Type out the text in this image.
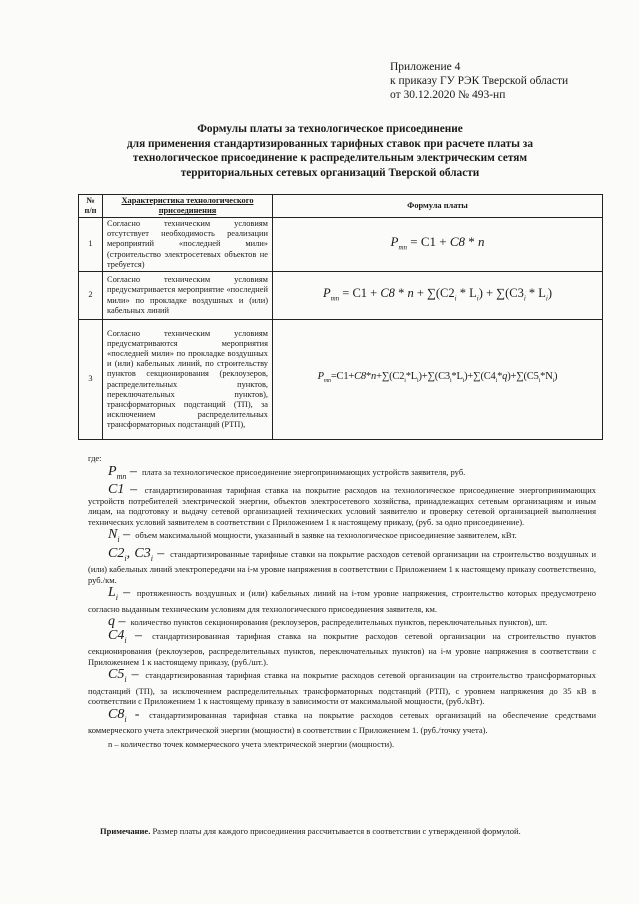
Приложение 4
к приказу ГУ РЭК Тверской области
от 30.12.2020 № 493-нп
Формулы платы за технологическое присоединение
для применения стандартизированных тарифных ставок при расчете платы за
технологическое присоединение к распределительным электрическим сетям
территориальных сетевых организаций Тверской области
№ п/п	Характеристика технологического присоединения	Формула платы
1	Согласно техническим условиям отсутствует необходимость реализации мероприятий «последней мили» (строительство электросетевых объектов не требуется)	$P_{тп} = C1 + C8 * n$
2	Согласно техническим условиям предусматривается мероприятие «последней мили» по прокладке воздушных и (или) кабельных линий	$P_{тп} = C1 + C8 * n + \sum(C2_i * L_i) + \sum(C3_i * L_i)$
3	Согласно техническим условиям предусматриваются мероприятия «последней мили» по прокладке воздушных и (или) кабельных линий, по строительству пунктов секционирования (реклоузеров, распределительных пунктов, переключательных пунктов), трансформаторных подстанций (ТП), за исключением распределительных трансформаторных подстанций (РТП),	$P_{тп}=C1+C8*n+\sum(C2_i*L_i)+\sum(C3_i*L_i)+\sum(C4_i*q)+\sum(C5_i*N_i)$
где:

$P_{тп}$ – плата за технологическое присоединение энергопринимающих устройств заявителя, руб.

C1 – стандартизированная тарифная ставка на покрытие расходов на технологическое присоединение энергопринимающих устройств потребителей электрической энергии, объектов электросетевого хозяйства, принадлежащих сетевым организациям и иным лицам, на подготовку и выдачу сетевой организацией технических условий заявителю и проверку сетевой организацией выполнения технических условий заявителем в соответствии с Приложением 1 к настоящему приказу, (руб. за одно присоединение).

$N_i$ – объем максимальной мощности, указанный в заявке на технологическое присоединение заявителем, кВт.

$C2_i$, $C3_i$ – стандартизированные тарифные ставки на покрытие расходов сетевой организации на строительство воздушных и (или) кабельных линий электропередачи на i-м уровне напряжения в соответствии с Приложением 1 к настоящему приказу соответственно, руб./км.

$L_i$ – протяженность воздушных и (или) кабельных линий на i-том уровне напряжения, строительство которых предусмотрено согласно выданным техническим условиям для технологического присоединения заявителя, км.

q – количество пунктов секционирования (реклоузеров, распределительных пунктов, переключательных пунктов), шт.

$C4_i$ – стандартизированная тарифная ставка на покрытие расходов сетевой организации на строительство пунктов секционирования (реклоузеров, распределительных пунктов, переключательных пунктов) на i-м уровне напряжения в соответствии с Приложением 1 к настоящему приказу, (руб./шт.).

$C5_i$ – стандартизированная тарифная ставка на покрытие расходов сетевой организации на строительство трансформаторных подстанций (ТП), за исключением распределительных трансформаторных подстанций (РТП), с уровнем напряжения до 35 кВ в соответствии с Приложением 1 к настоящему приказу в зависимости от максимальной мощности, (руб./кВт).

$C8_i$ - стандартизированная тарифная ставка на покрытие расходов сетевых организаций на обеспечение средствами коммерческого учета электрической энергии (мощности) в соответствии с Приложением 1. (руб./точку учета).

n – количество точек коммерческого учета электрической энергии (мощности).

Примечание. Размер платы для каждого присоединения рассчитывается в соответствии с утвержденной формулой.
